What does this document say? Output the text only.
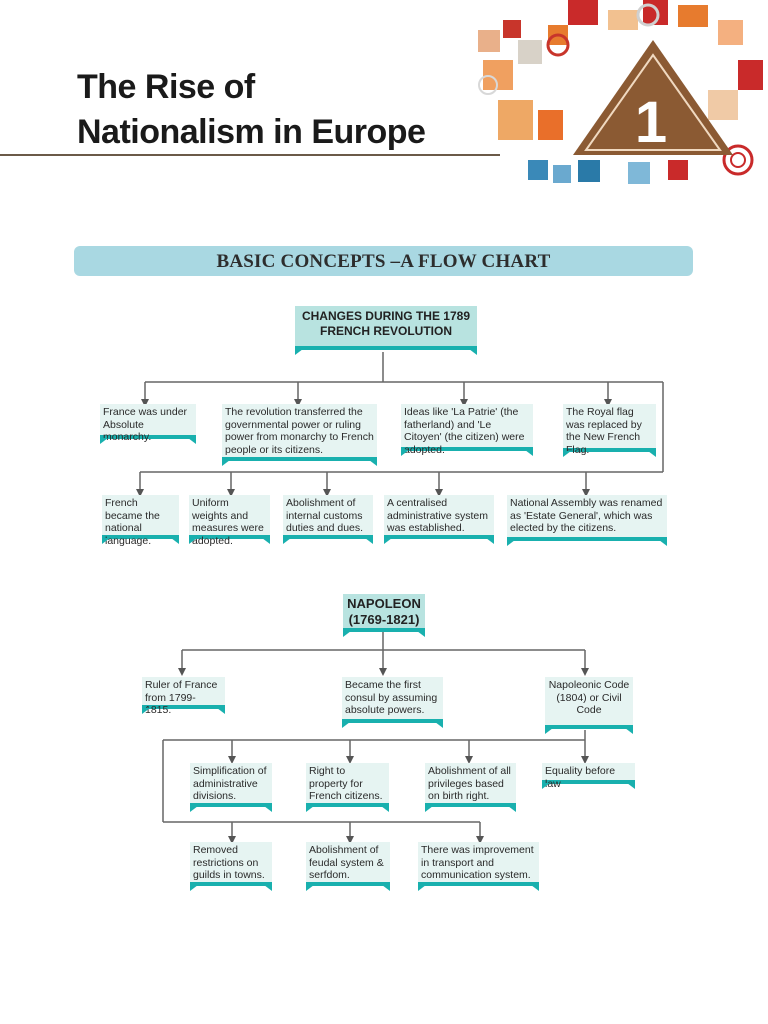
The Rise of
Nationalism in Europe	1
BASIC CONCEPTS –A FLOW CHART
CHANGES DURING THE 1789 FRENCH REVOLUTION
France was under Absolute monarchy.
The revolution transferred the governmental power or ruling power from monarchy to French people or its citizens.
Ideas like 'La Patrie' (the fatherland) and 'Le Citoyen' (the citizen) were adopted.
The Royal flag was replaced by the New French Flag.
French became the national language.
Uniform weights and measures were adopted.
Abolishment of internal customs duties and dues.
A centralised administrative system was established.
National Assembly was renamed as 'Estate General', which was elected by the citizens.
NAPOLEON
(1769-1821)
Ruler of France from 1799-1815.
Became the first consul by assuming absolute powers.
Napoleonic Code (1804) or Civil Code
Simplification of administrative divisions.
Right to property for French citizens.
Abolishment of all privileges based on birth right.
Equality before law
Removed restrictions on guilds in towns.
Abolishment of feudal system & serfdom.
There was improvement in transport and communication system.
